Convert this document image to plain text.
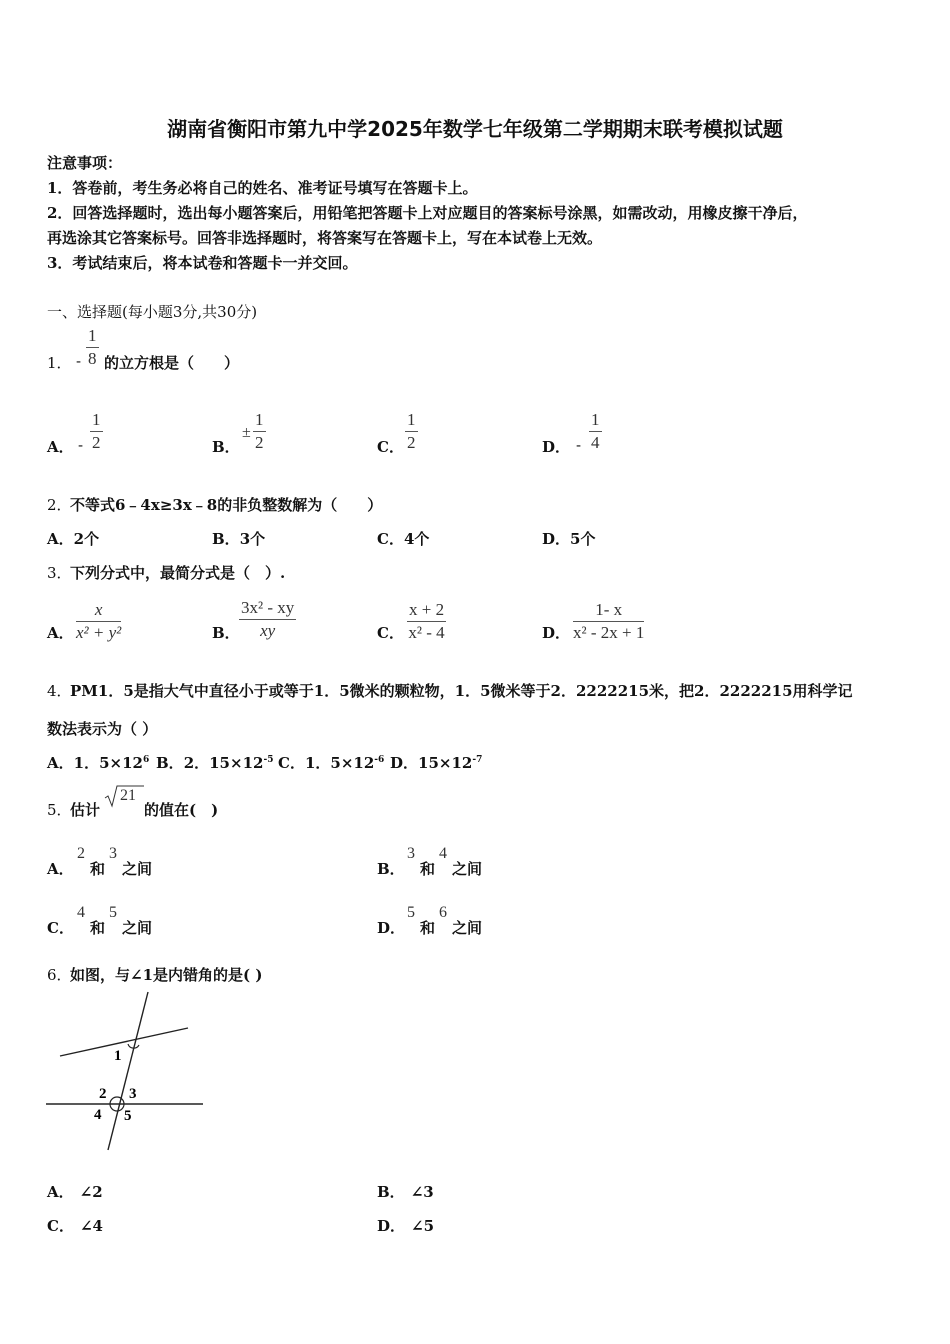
湖南省衡阳市第九中学2025年数学七年级第二学期期末联考模拟试题
注意事项：
1．答卷前，考生务必将自己的姓名、准考证号填写在答题卡上。
2．回答选择题时，选出每小题答案后，用铅笔把答题卡上对应题目的答案标号涂黑，如需改动，用橡皮擦干净后，
再选涂其它答案标号。回答非选择题时，将答案写在答题卡上，写在本试卷上无效。
3．考试结束后，将本试卷和答题卡一并交回。
一、选择题(每小题3分,共30分)
1． - $\frac{1}{8}$ 的立方根是（　　）
A． - $\frac{1}{2}$	B．
± $\frac{1}{2}$	C． $\frac{1}{2}$	D． - $\frac{1}{4}$
2．
不等式6﹣4x≥3x﹣8的非负整数解为（　　）
A．2个	B．3个	C．4个	D．5个
3．
下列分式中，最简分式是（　）.
A． $\frac{x}{\text{x² + y²}}$	B． $\frac{\text{3x² - xy}}{xy}$	C． $\frac{x + 2}{\text{x² - 4}}$	D． $\frac{1- x}{\text{x² - 2x + 1}}$
4．
PM1．5是指大气中直径小于或等于1．5微米的颗粒物，1．5微米等于2．2222215米，把2．2222215用科学记
数法表示为（ ）
A．1．$5\times 12^6$ B．2．$15\times 12^{-5}$ C．1．$5\times 12^{-6}$ D．$15\times 12^{-7}$
5．
估计
21
的值在(　)
A．
2
和
3
之间	B．
3
和
4
之间
C．
4
和
5
之间	D．
5
和
6
之间
6．
如图，与∠1是内错角的是( )
1
2 3
4 5
A． ∠2	B． ∠3
C． ∠4	D． ∠5
